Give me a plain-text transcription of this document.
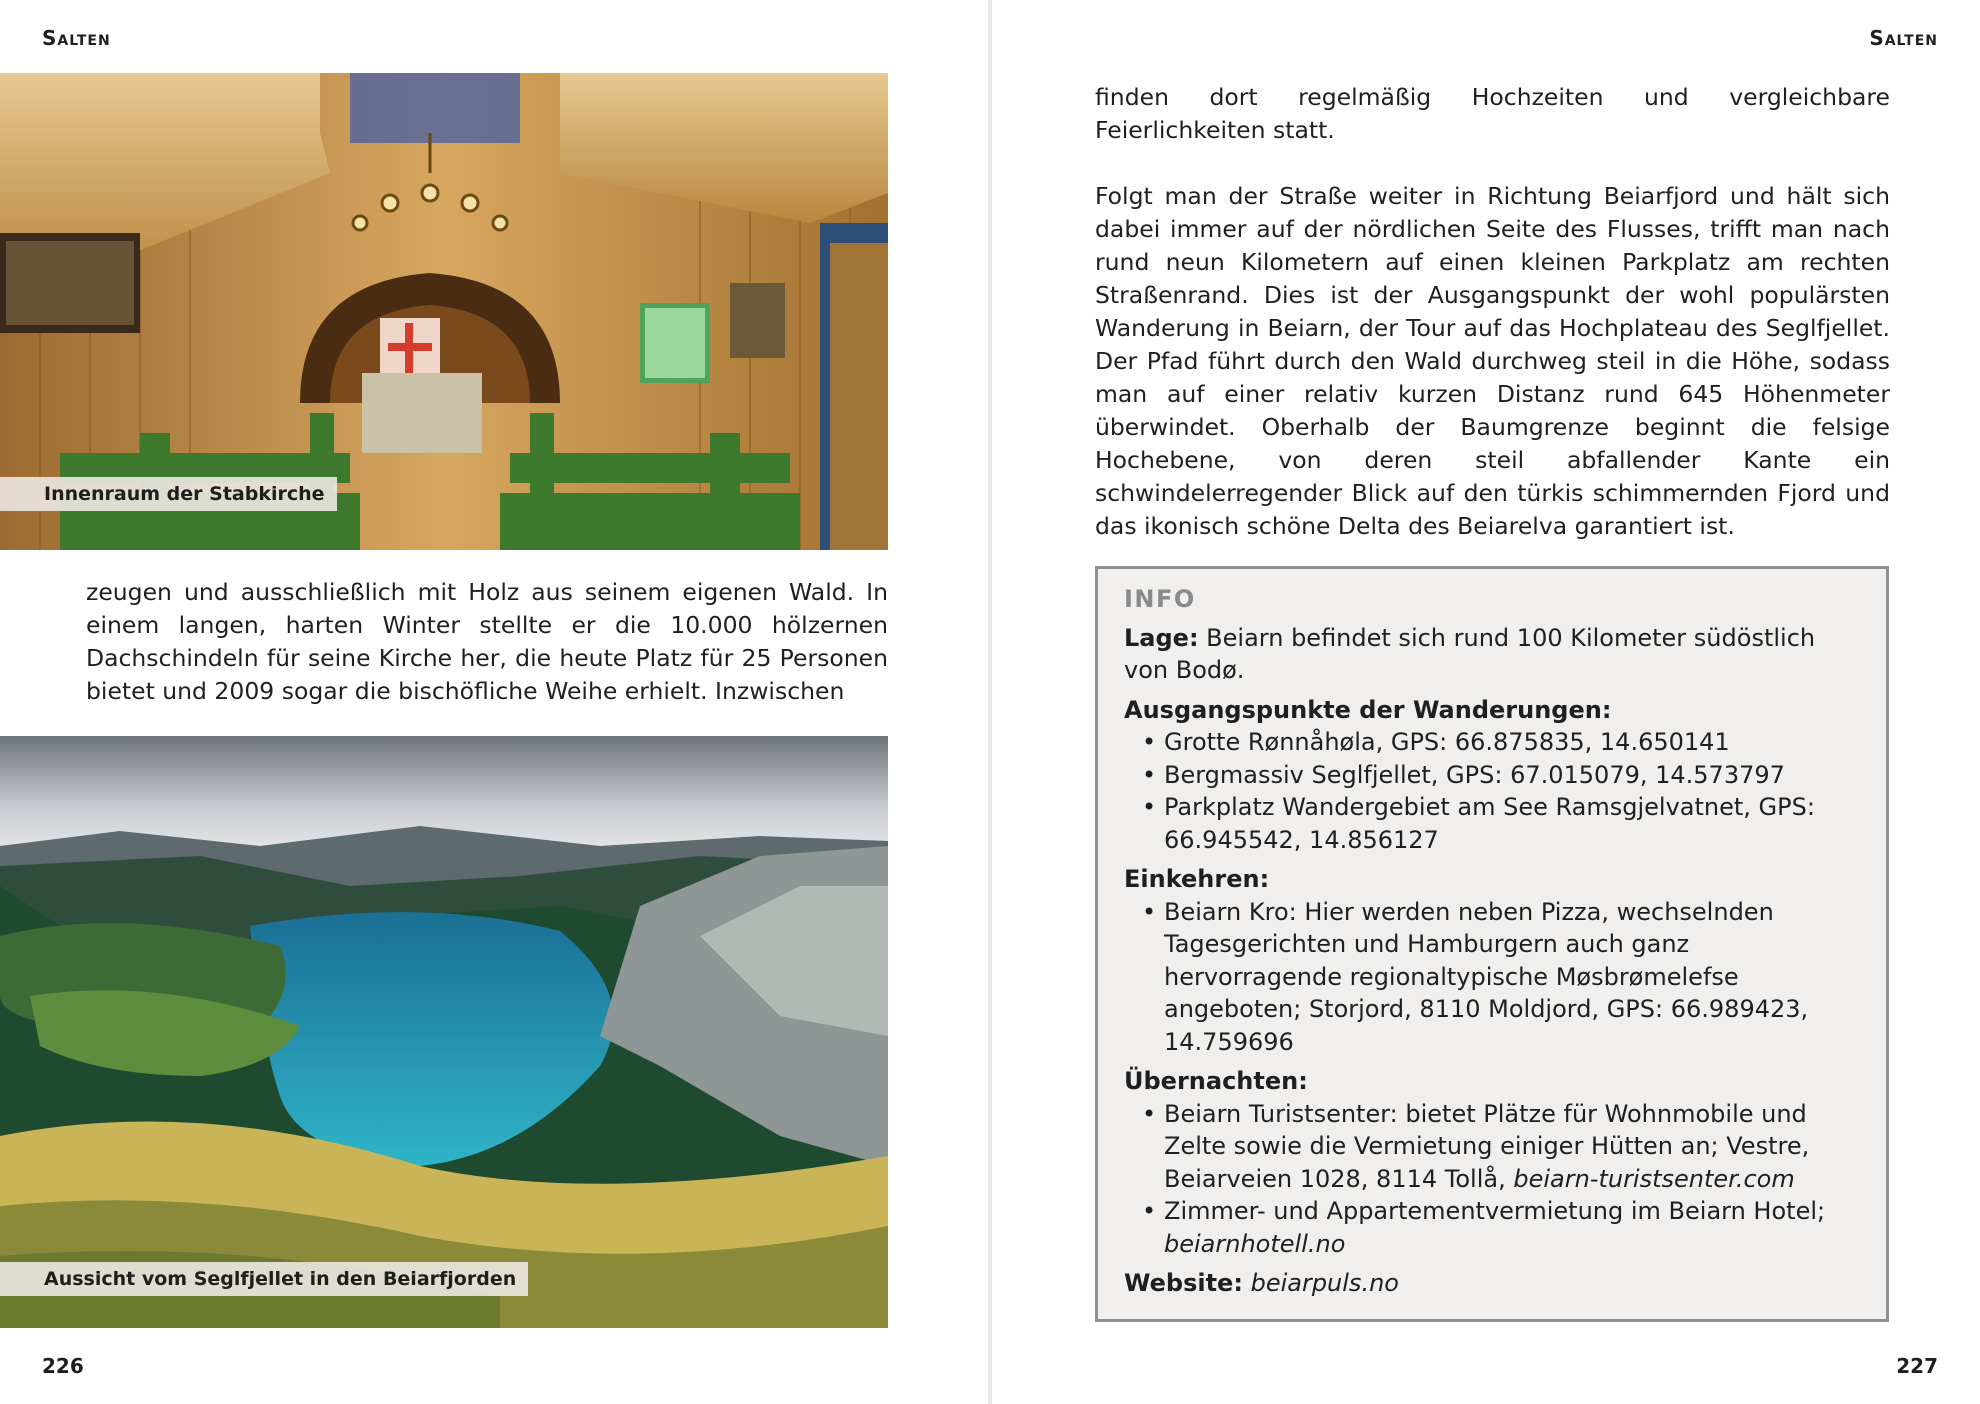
Salten
Innenraum der Stabkirche

zeugen und ausschließlich mit Holz aus seinem eigenen Wald. In einem langen, harten Winter stellte er die 10.000 hölzernen Dachschindeln für seine Kirche her, die heute Platz für 25 Personen bietet und 2009 sogar die bischöfliche Weihe erhielt. Inzwischen

Aussicht vom Seglfjellet in den Beiarfjorden
226
Salten

finden dort regelmäßig Hochzeiten und vergleichbare Feierlichkeiten statt.

Folgt man der Straße weiter in Richtung Beiarfjord und hält sich dabei immer auf der nördlichen Seite des Flusses, trifft man nach rund neun Kilometern auf einen kleinen Parkplatz am rechten Straßenrand. Dies ist der Ausgangspunkt der wohl populärsten Wanderung in Beiarn, der Tour auf das Hochplateau des Seglfjellet. Der Pfad führt durch den Wald durchweg steil in die Höhe, sodass man auf einer relativ kurzen Distanz rund 645 Höhenmeter überwindet. Oberhalb der Baumgrenze beginnt die felsige Hochebene, von deren steil abfallender Kante ein schwindelerregender Blick auf den türkis schimmernden Fjord und das ikonisch schöne Delta des Beiarelva garantiert ist.

INFO
Lage: Beiarn befindet sich rund 100 Kilometer südöstlich von Bodø.
Ausgangspunkte der Wanderungen:
• Grotte Rønnåhøla, GPS: 66.875835, 14.650141
• Bergmassiv Seglfjellet, GPS: 67.015079, 14.573797
• Parkplatz Wandergebiet am See Ramsgjelvatnet, GPS: 66.945542, 14.856127
Einkehren:
• Beiarn Kro: Hier werden neben Pizza, wechselnden Tagesgerichten und Hamburgern auch ganz hervorragende regionaltypische Møsbrømelefse angeboten; Storjord, 8110 Moldjord, GPS: 66.989423, 14.759696
Übernachten:
• Beiarn Turistsenter: bietet Plätze für Wohnmobile und Zelte sowie die Vermietung einiger Hütten an; Vestre, Beiarveien 1028, 8114 Tollå, beiarn-turistsenter.com
• Zimmer- und Appartementvermietung im Beiarn Hotel; beiarnhotell.no
Website: beiarpuls.no
227
